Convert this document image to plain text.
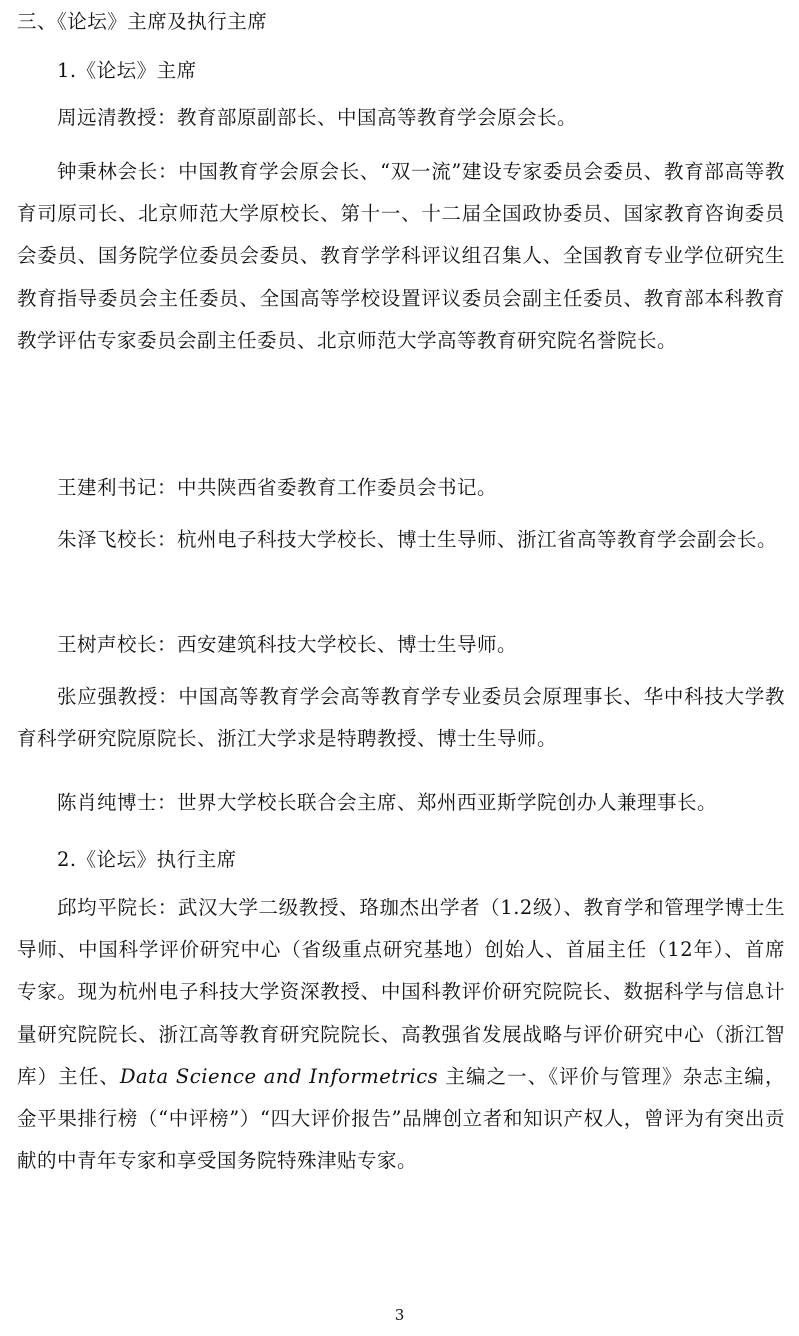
三、《论坛》主席及执行主席
1.《论坛》主席

周远清教授：教育部原副部长、中国高等教育学会原会长。

钟秉林会长：中国教育学会原会长、“双一流”建设专家委员会委员、教育部高等教育司原司长、北京师范大学原校长、第十一、十二届全国政协委员、国家教育咨询委员会委员、国务院学位委员会委员、教育学学科评议组召集人、全国教育专业学位研究生教育指导委员会主任委员、全国高等学校设置评议委员会副主任委员、教育部本科教育教学评估专家委员会副主任委员、北京师范大学高等教育研究院名誉院长。

王建利书记：中共陕西省委教育工作委员会书记。

朱泽飞校长：杭州电子科技大学校长、博士生导师、浙江省高等教育学会副会长。

王树声校长：西安建筑科技大学校长、博士生导师。

张应强教授：中国高等教育学会高等教育学专业委员会原理事长、华中科技大学教育科学研究院原院长、浙江大学求是特聘教授、博士生导师。

陈肖纯博士：世界大学校长联合会主席、郑州西亚斯学院创办人兼理事长。

2.《论坛》执行主席

邱均平院长：武汉大学二级教授、珞珈杰出学者（1.2级）、教育学和管理学博士生导师、中国科学评价研究中心（省级重点研究基地）创始人、首届主任（12年）、首席专家。现为杭州电子科技大学资深教授、中国科教评价研究院院长、数据科学与信息计量研究院院长、浙江高等教育研究院院长、高教强省发展战略与评价研究中心（浙江智库）主任、Data Science and Informetrics 主编之一、《评价与管理》杂志主编，金平果排行榜（“中评榜”）“四大评价报告”品牌创立者和知识产权人，曾评为有突出贡献的中青年专家和享受国务院特殊津贴专家。

3
